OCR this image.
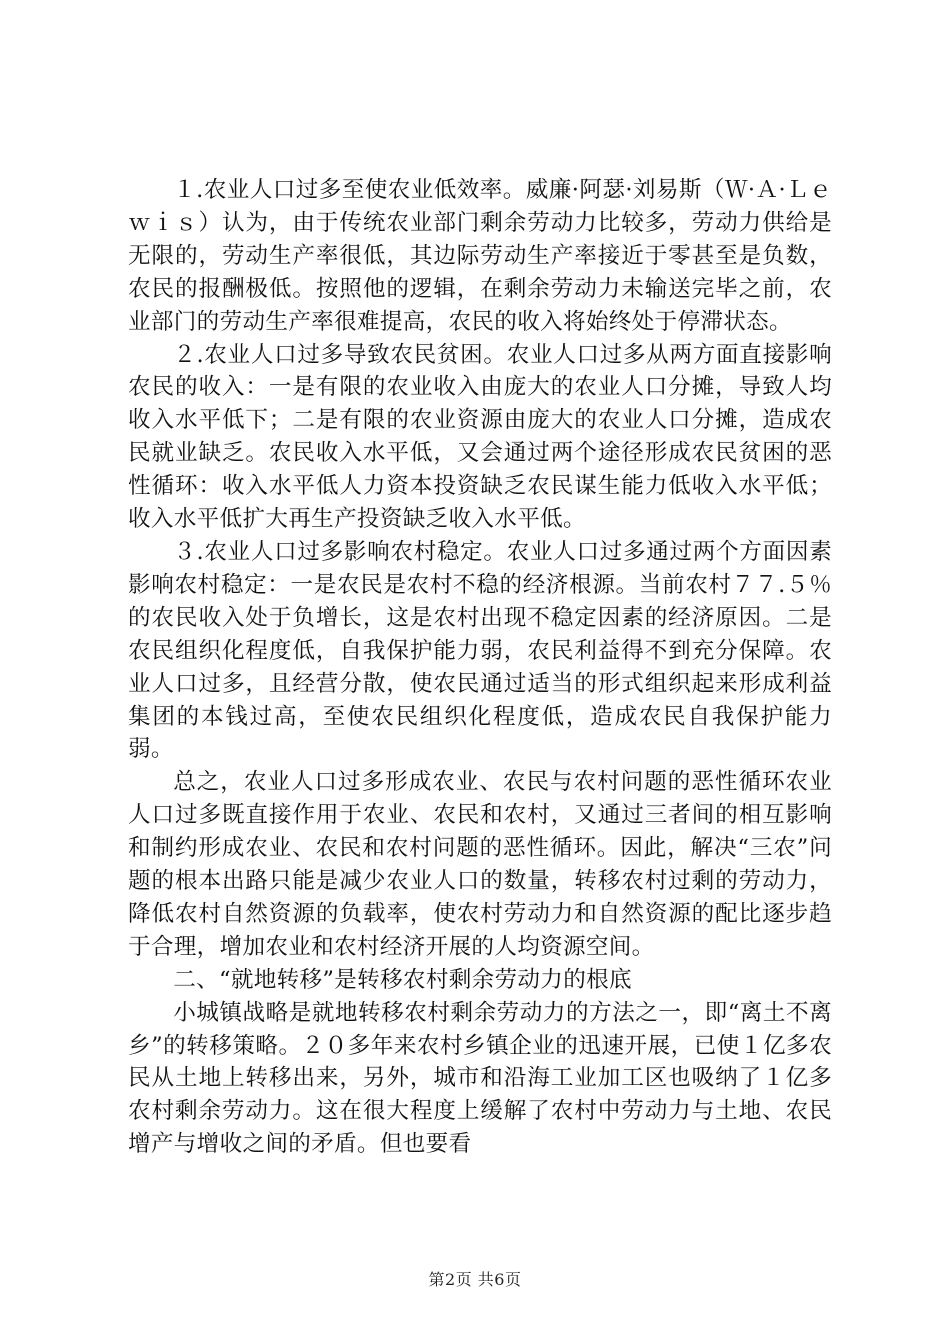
１.农业人口过多至使农业低效率。威廉·阿瑟·刘易斯（Ｗ·Ａ·Ｌｅｗｉｓ）认为，由于传统农业部门剩余劳动力比较多，劳动力供给是无限的，劳动生产率很低，其边际劳动生产率接近于零甚至是负数，农民的报酬极低。按照他的逻辑，在剩余劳动力未输送完毕之前，农业部门的劳动生产率很难提高，农民的收入将始终处于停滞状态。

２.农业人口过多导致农民贫困。农业人口过多从两方面直接影响农民的收入：一是有限的农业收入由庞大的农业人口分摊，导致人均收入水平低下；二是有限的农业资源由庞大的农业人口分摊，造成农民就业缺乏。农民收入水平低，又会通过两个途径形成农民贫困的恶性循环：收入水平低人力资本投资缺乏农民谋生能力低收入水平低；收入水平低扩大再生产投资缺乏收入水平低。

３.农业人口过多影响农村稳定。农业人口过多通过两个方面因素影响农村稳定：一是农民是农村不稳的经济根源。当前农村７７.５％的农民收入处于负增长，这是农村出现不稳定因素的经济原因。二是农民组织化程度低，自我保护能力弱，农民利益得不到充分保障。农业人口过多，且经营分散，使农民通过适当的形式组织起来形成利益集团的本钱过高，至使农民组织化程度低，造成农民自我保护能力弱。

总之，农业人口过多形成农业、农民与农村问题的恶性循环农业人口过多既直接作用于农业、农民和农村，又通过三者间的相互影响和制约形成农业、农民和农村问题的恶性循环。因此，解决“三农”问题的根本出路只能是减少农业人口的数量，转移农村过剩的劳动力，降低农村自然资源的负载率，使农村劳动力和自然资源的配比逐步趋于合理，增加农业和农村经济开展的人均资源空间。

二、“就地转移”是转移农村剩余劳动力的根底

小城镇战略是就地转移农村剩余劳动力的方法之一，即“离土不离乡”的转移策略。２０多年来农村乡镇企业的迅速开展，已使１亿多农民从土地上转移出来，另外，城市和沿海工业加工区也吸纳了１亿多农村剩余劳动力。这在很大程度上缓解了农村中劳动力与土地、农民增产与增收之间的矛盾。但也要看

第2页 共6页
